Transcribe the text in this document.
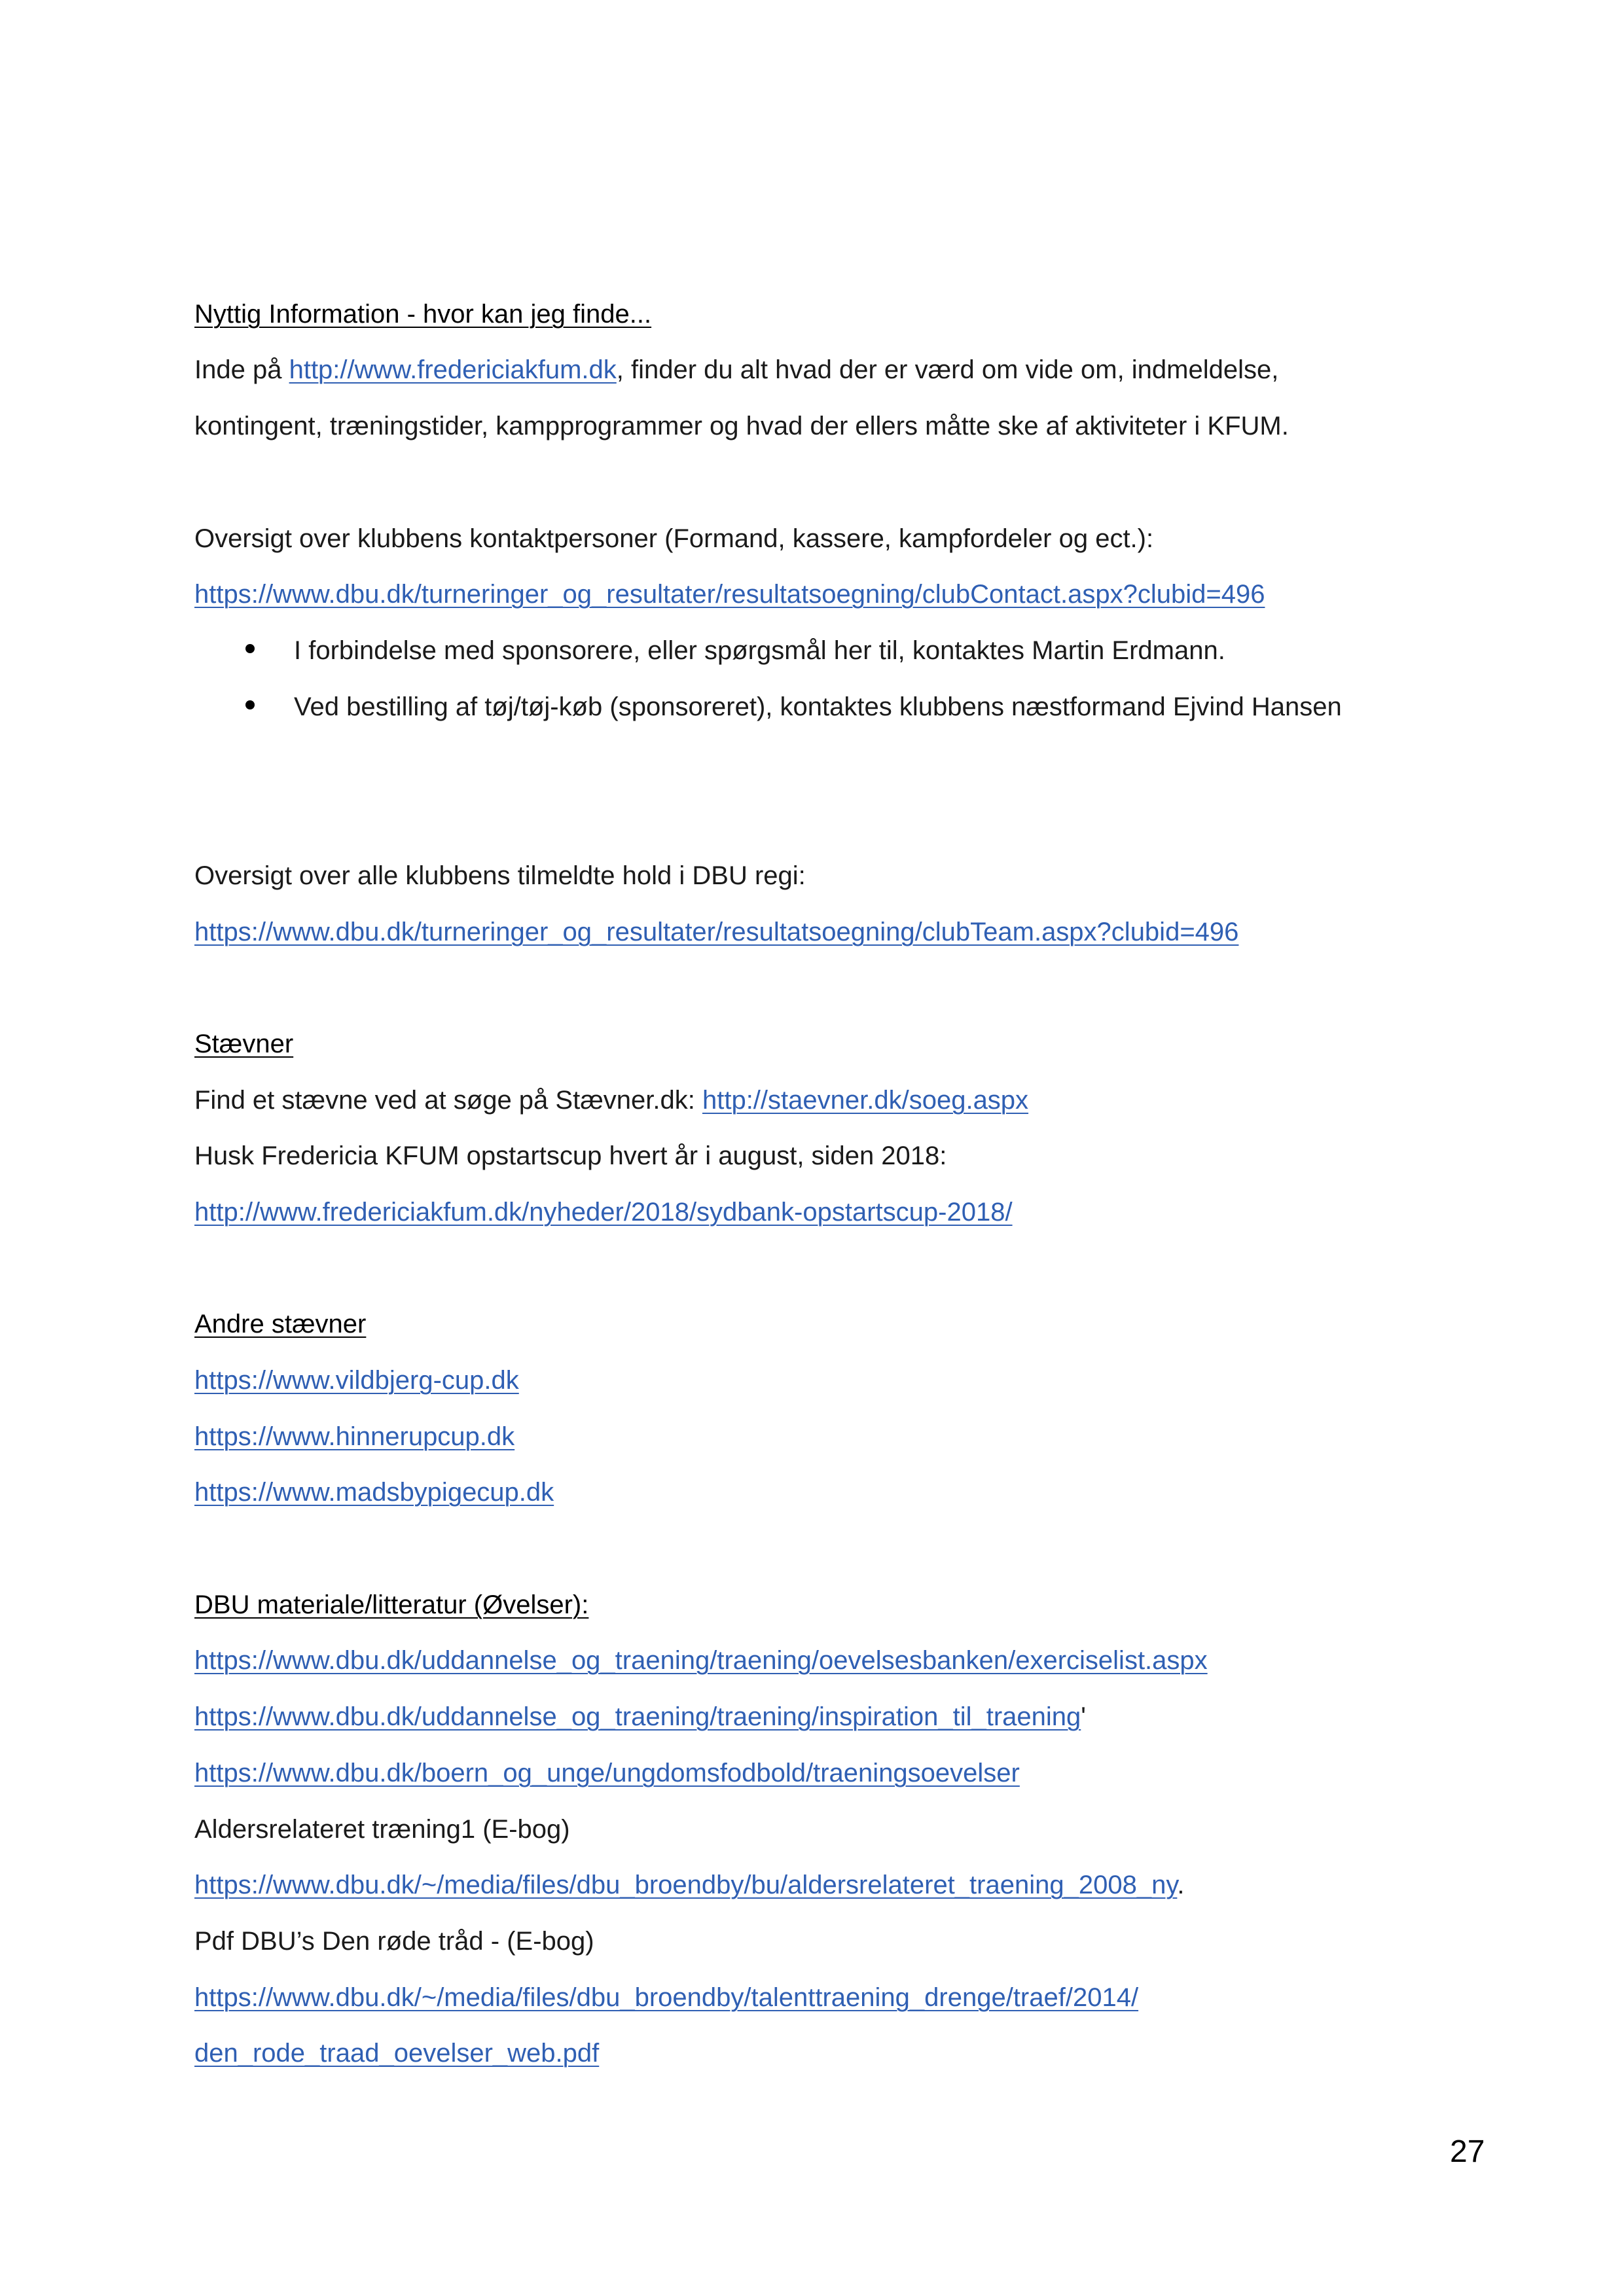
Nyttig Information - hvor kan jeg finde...
Inde på http://www.fredericiakfum.dk, finder du alt hvad der er værd om vide om, indmeldelse,
kontingent, træningstider, kampprogrammer og hvad der ellers måtte ske af aktiviteter i KFUM.
Oversigt over klubbens kontaktpersoner (Formand, kassere, kampfordeler og ect.):
https://www.dbu.dk/turneringer_og_resultater/resultatsoegning/clubContact.aspx?clubid=496
I forbindelse med sponsorere, eller spørgsmål her til, kontaktes Martin Erdmann.
Ved bestilling af tøj/tøj-køb (sponsoreret), kontaktes klubbens næstformand Ejvind Hansen
Oversigt over alle klubbens tilmeldte hold i DBU regi:
https://www.dbu.dk/turneringer_og_resultater/resultatsoegning/clubTeam.aspx?clubid=496
Stævner
Find et stævne ved at søge på Stævner.dk: http://staevner.dk/soeg.aspx
Husk Fredericia KFUM opstartscup hvert år i august, siden 2018:
http://www.fredericiakfum.dk/nyheder/2018/sydbank-opstartscup-2018/
Andre stævner
https://www.vildbjerg-cup.dk
https://www.hinnerupcup.dk
https://www.madsbypigecup.dk
DBU materiale/litteratur (Øvelser):
https://www.dbu.dk/uddannelse_og_traening/traening/oevelsesbanken/exerciselist.aspx
https://www.dbu.dk/uddannelse_og_traening/traening/inspiration_til_traening'
https://www.dbu.dk/boern_og_unge/ungdomsfodbold/traeningsoevelser
Aldersrelateret træning1 (E-bog)
https://www.dbu.dk/~/media/files/dbu_broendby/bu/aldersrelateret_traening_2008_ny.
Pdf DBU’s Den røde tråd - (E-bog)
https://www.dbu.dk/~/media/files/dbu_broendby/talenttraening_drenge/traef/2014/
den_rode_traad_oevelser_web.pdf
27
